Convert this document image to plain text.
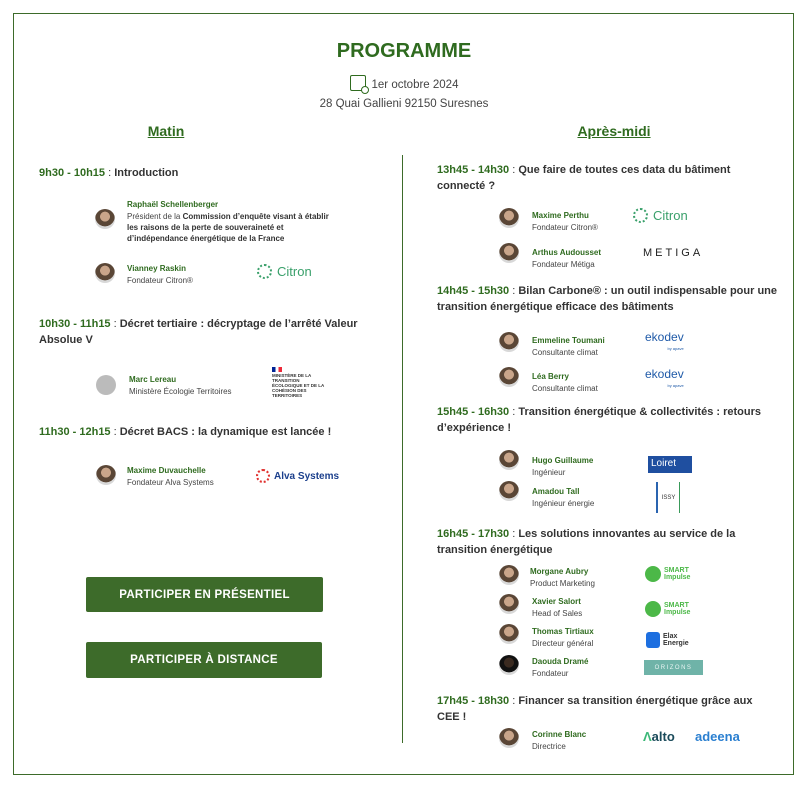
PROGRAMME
1er octobre 2024
28 Quai Gallieni 92150 Suresnes
Matin	Après-midi
9h30 - 10h15 : Introduction
Raphaël Schellenberger
Président de la Commission d’enquête visant à établir les raisons de la perte de souveraineté et d’indépendance énergétique de la France
Vianney Raskin
Fondateur Citron®
Citron
10h30 - 11h15 : Décret tertiaire : décryptage de l’arrêté Valeur Absolue V
Marc Lereau
Ministère Écologie Territoires
MINISTÈRE DE LA TRANSITION ÉCOLOGIQUE ET DE LA COHÉSION DES TERRITOIRES
11h30 - 12h15 : Décret BACS : la dynamique est lancée !
Maxime Duvauchelle
Fondateur Alva Systems
Alva Systems
PARTICIPER EN PRÉSENTIEL
PARTICIPER À DISTANCE
13h45 - 14h30 : Que faire de toutes ces data du bâtiment connecté ?
Maxime Perthu
Fondateur Citron®
Citron
Arthus Audousset
Fondateur Métiga
METIGA
14h45 - 15h30 : Bilan Carbone® : un outil indispensable pour une transition énergétique efficace des bâtiments
Emmeline Toumani
Consultante climat
ekodev
by apave
Léa Berry
Consultante climat
ekodev
by apave
15h45 - 16h30 : Transition énergétique & collectivités : retours d’expérience !
Hugo Guillaume
Ingénieur
Loiret
Amadou Tall
Ingénieur énergie
ISSY
16h45 - 17h30 : Les solutions innovantes au service de la transition énergétique
Morgane Aubry
Product Marketing
SMART Impulse
Xavier Salort
Head of Sales
SMART Impulse
Thomas Tirtiaux
Directeur général
Elax Energie
Daouda Dramé
Fondateur
ORIZONS
17h45 - 18h30 : Financer sa transition énergétique grâce aux CEE !
Corinne Blanc
Directrice
Λalto adeena
